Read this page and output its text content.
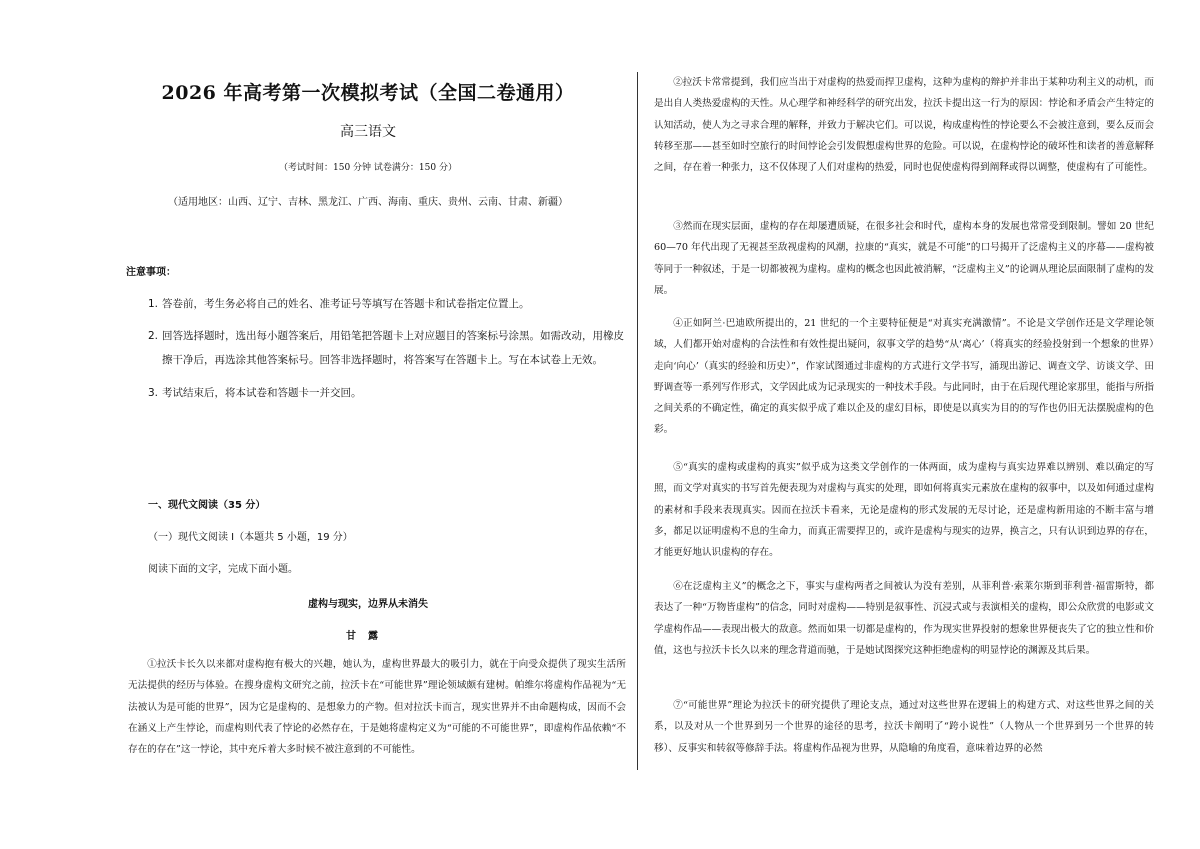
2026 年高考第一次模拟考试（全国二卷通用）
高三语文
（考试时间：150 分钟 试卷满分：150 分）
（适用地区：山西、辽宁、吉林、黑龙江、广西、海南、重庆、贵州、云南、甘肃、新疆）
注意事项：
1. 答卷前，考生务必将自己的姓名、准考证号等填写在答题卡和试卷指定位置上。
2. 回答选择题时，选出每小题答案后，用铅笔把答题卡上对应题目的答案标号涂黑。如需改动，用橡皮擦干净后，再选涂其他答案标号。回答非选择题时，将答案写在答题卡上。写在本试卷上无效。
3. 考试结束后，将本试卷和答题卡一并交回。
一、现代文阅读（35 分）
（一）现代文阅读 I（本题共 5 小题，19 分）
阅读下面的文字，完成下面小题。
虚构与现实，边界从未消失
甘露
①拉沃卡长久以来都对虚构抱有极大的兴趣，她认为，虚构世界最大的吸引力，就在于向受众提供了现实生活所无法提供的经历与体验。在搜身虚构文研究之前，拉沃卡在“可能世界”理论领域颇有建树。帕维尔将虚构作品视为“无法被认为是可能的世界”，因为它是虚构的、是想象力的产物。但对拉沃卡而言，现实世界并不由命题构成，因而不会在涵义上产生悖论，而虚构则代表了悖论的必然存在，于是她将虚构定义为“可能的不可能世界”，即虚构作品依赖“不存在的存在”这一悖论，其中充斥着大多时候不被注意到的不可能性。
②拉沃卡常常提到，我们应当出于对虚构的热爱而捍卫虚构，这种为虚构的辩护并非出于某种功利主义的动机，而是出自人类热爱虚构的天性。从心理学和神经科学的研究出发，拉沃卡提出这一行为的原因：悖论和矛盾会产生特定的认知活动，使人为之寻求合理的解释，并致力于解决它们。可以说，构成虚构性的悖论要么不会被注意到，要么反而会转移至那——甚至如时空旅行的时间悖论会引发假想虚构世界的危险。可以说，在虚构悖论的破坏性和读者的善意解释之间，存在着一种张力，这不仅体现了人们对虚构的热爱，同时也促使虚构得到阐释或得以调整，使虚构有了可能性。
③然而在现实层面，虚构的存在却屡遭质疑，在很多社会和时代，虚构本身的发展也常常受到限制。譬如 20 世纪 60—70 年代出现了无视甚至敌视虚构的风潮，拉康的“真实，就是不可能”的口号揭开了泛虚构主义的序幕——虚构被等同于一种叙述，于是一切都被视为虚构。虚构的概念也因此被消解，“泛虚构主义”的论调从理论层面限制了虚构的发展。
④正如阿兰·巴迪欧所提出的，21 世纪的一个主要特征便是“对真实充满激情”。不论是文学创作还是文学理论领域，人们都开始对虚构的合法性和有效性提出疑问，叙事文学的趋势“从‘离心’（将真实的经验投射到一个想象的世界）走向‘向心’（真实的经验和历史）”，作家试图通过非虚构的方式进行文学书写，涌现出游记、调查文学、访谈文学、田野调查等一系列写作形式，文学因此成为记录现实的一种技术手段。与此同时，由于在后现代理论家那里，能指与所指之间关系的不确定性，确定的真实似乎成了难以企及的虚幻目标，即使是以真实为目的的写作也仍旧无法摆脱虚构的色彩。
⑤“真实的虚构或虚构的真实”似乎成为这类文学创作的一体两面，成为虚构与真实边界难以辨别、难以确定的写照，而文学对真实的书写首先便表现为对虚构与真实的处理，即如何将真实元素放在虚构的叙事中，以及如何通过虚构的素材和手段来表现真实。因而在拉沃卡看来，无论是虚构的形式发展的无尽讨论，还是虚构新用途的不断丰富与增多，都足以证明虚构不息的生命力，而真正需要捍卫的，或许是虚构与现实的边界，换言之，只有认识到边界的存在，才能更好地认识虚构的存在。
⑥在泛虚构主义”的概念之下，事实与虚构两者之间被认为没有差别，从菲利普·索莱尔斯到菲利普·福雷斯特，都表达了一种“万物皆虚构”的信念，同时对虚构——特别是叙事性、沉浸式或与表演相关的虚构，即公众欣赏的电影或文学虚构作品——表现出极大的敌意。然而如果一切都是虚构的，作为现实世界投射的想象世界便丧失了它的独立性和价值，这也与拉沃卡长久以来的理念背道而驰，于是她试图探究这种拒绝虚构的明显悖论的渊源及其后果。
⑦“可能世界”理论为拉沃卡的研究提供了理论支点，通过对这些世界在逻辑上的构建方式、对这些世界之间的关系，以及对从一个世界到另一个世界的途径的思考，拉沃卡阐明了“跨小说性”（人物从一个世界到另一个世界的转移）、反事实和转叙等修辞手法。将虚构作品视为世界，从隐喻的角度看，意味着边界的必然
